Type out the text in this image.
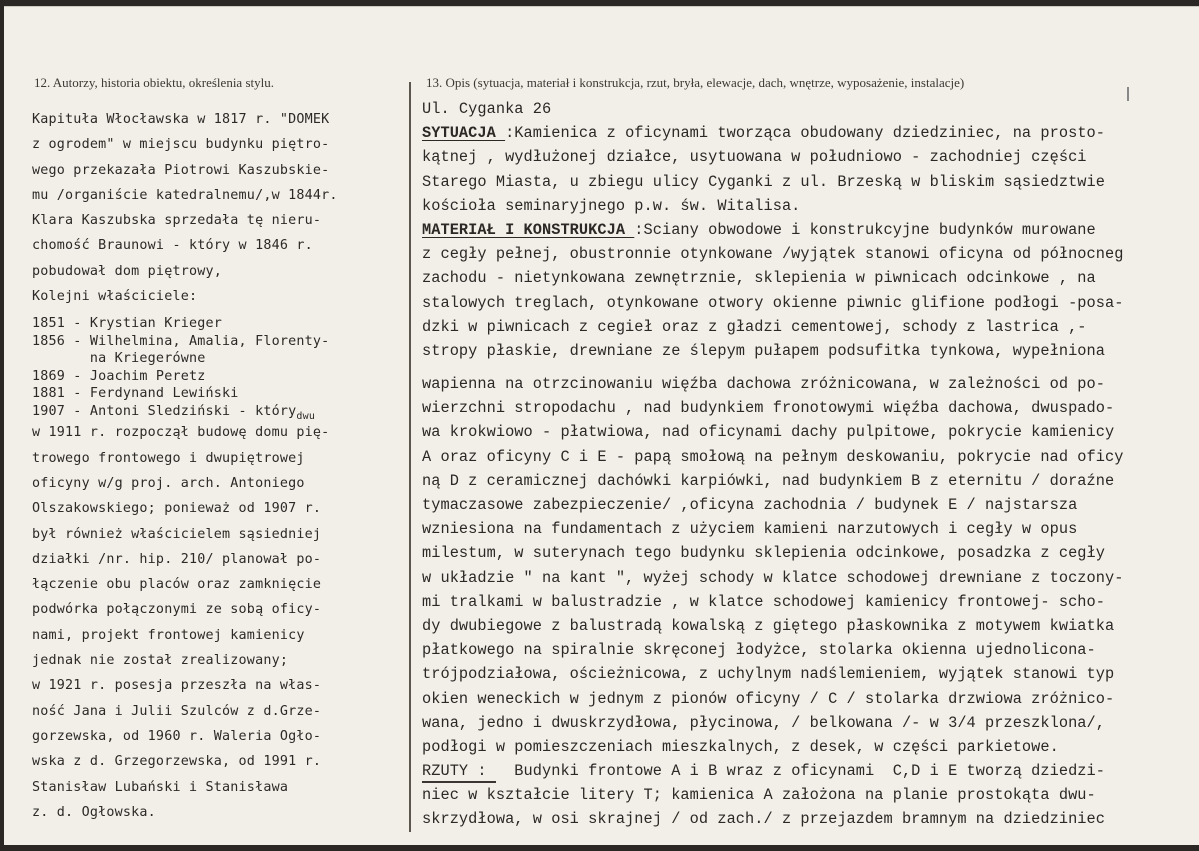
12. Autorzy, historia obiektu, określenia stylu.	13. Opis (sytuacja, materiał i konstrukcja, rzut, bryła, elewacje, dach, wnętrze, wyposażenie, instalacje)
Kapituła Włocławska w 1817 r. "DOMEK
z ogrodem" w miejscu budynku piętro-
wego przekazała Piotrowi Kaszubskie-
mu /organiście katedralnemu/,w 1844r.
Klara Kaszubska sprzedała tę nieru-
chomość Braunowi - który w 1846 r.
pobudował dom piętrowy,
Kolejni właściciele:
1851 - Krystian Krieger
1856 - Wilhelmina, Amalia, Florenty-
na Kriegerówne
1869 - Joachim Peretz
1881 - Ferdynand Lewiński
1907 - Antoni Sledziński - który$_{dwu}$
w 1911 r. rozpoczął budowę domu pię-
trowego frontowego i dwupiętrowej
oficyny w/g proj. arch. Antoniego
Olszakowskiego; ponieważ od 1907 r.
był również właścicielem sąsiedniej
działki /nr. hip. 210/ planował po-
łączenie obu placów oraz zamknięcie
podwórka połączonymi ze sobą oficy-
nami, projekt frontowej kamienicy
jednak nie został zrealizowany;
w 1921 r. posesja przeszła na włas-
ność Jana i Julii Szulców z d.Grze-
gorzewska, od 1960 r. Waleria Ogło-
wska z d. Grzegorzewska, od 1991 r.
Stanisław Lubański i Stanisława
z. d. Ogłowska.
Ul. Cyganka 26
SYTUACJA :Kamienica z oficynami tworząca obudowany dziedziniec, na prosto-
kątnej , wydłużonej działce, usytuowana w południowo - zachodniej części
Starego Miasta, u zbiegu ulicy Cyganki z ul. Brzeską w bliskim sąsiedztwie
kościoła seminaryjnego p.w. św. Witalisa.
MATERIAŁ I KONSTRUKCJA :Sciany obwodowe i konstrukcyjne budynków murowane
z cegły pełnej, obustronnie otynkowane /wyjątek stanowi oficyna od północneg
zachodu - nietynkowana zewnętrznie, sklepienia w piwnicach odcinkowe , na
stalowych treglach, otynkowane otwory okienne piwnic glifione podłogi -posa-
dzki w piwnicach z cegieł oraz z gładzi cementowej, schody z lastrica ,-
stropy płaskie, drewniane ze ślepym pułapem podsufitka tynkowa, wypełniona
wapienna na otrzcinowaniu więźba dachowa zróżnicowana, w zależności od po-
wierzchni stropodachu , nad budynkiem fronotowymi więźba dachowa, dwuspado-
wa krokwiowo - płatwiowa, nad oficynami dachy pulpitowe, pokrycie kamienicy
A oraz oficyny C i E - papą smołową na pełnym deskowaniu, pokrycie nad oficy
ną D z ceramicznej dachówki karpiówki, nad budynkiem B z eternitu / doraźne
tymaczasowe zabezpieczenie/ ,oficyna zachodnia / budynek E / najstarsza
wzniesiona na fundamentach z użyciem kamieni narzutowych i cegły w opus
milestum, w suterynach tego budynku sklepienia odcinkowe, posadzka z cegły
w układzie " na kant ", wyżej schody w klatce schodowej drewniane z toczony-
mi tralkami w balustradzie , w klatce schodowej kamienicy frontowej- scho-
dy dwubiegowe z balustradą kowalską z giętego płaskownika z motywem kwiatka
płatkowego na spiralnie skręconej łodyżce, stolarka okienna ujednolicona-
trójpodziałowa, ościeżnicowa, z uchylnym nadślemieniem, wyjątek stanowi typ
okien weneckich w jednym z pionów oficyny / C / stolarka drzwiowa zróżnico-
wana, jedno i dwuskrzydłowa, płycinowa, / belkowana /- w 3/4 przeszklona/,
podłogi w pomieszczeniach mieszkalnych, z desek, w części parkietowe.
RZUTY :   Budynki frontowe A i B wraz z oficynami  C,D i E tworzą dziedzi-
niec w kształcie litery T; kamienica A założona na planie prostokąta dwu-
skrzydłowa, w osi skrajnej / od zach./ z przejazdem bramnym na dziedziniec
